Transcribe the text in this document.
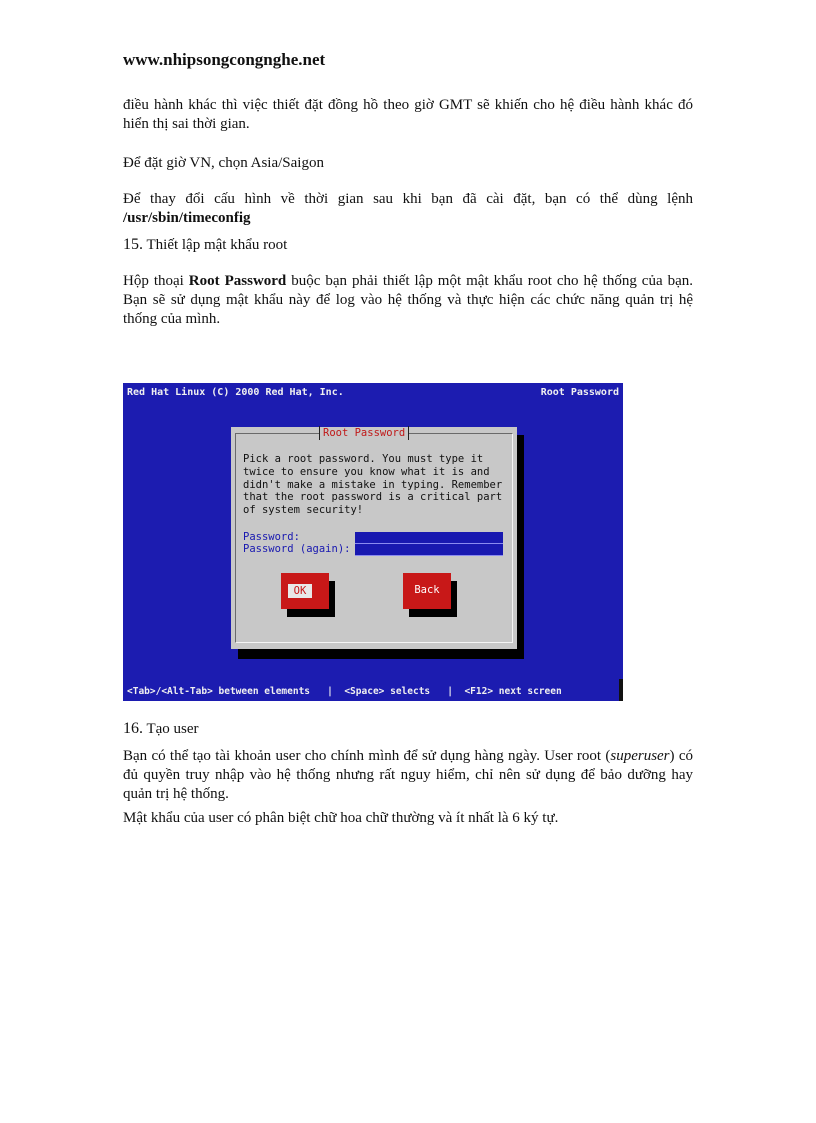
www.nhipsongcongnghe.net

điều hành khác thì việc thiết đặt đồng hồ theo giờ GMT sẽ khiến cho hệ điều hành khác đó hiển thị sai thời gian.

Để đặt giờ VN, chọn Asia/Saigon

Để thay đổi cấu hình về thời gian sau khi bạn đã cài đặt, bạn có thể dùng lệnh
/usr/sbin/timeconfig

15. Thiết lập mật khẩu root

Hộp thoại Root Password buộc bạn phải thiết lập một mật khẩu root cho hệ thống của bạn. Bạn sẽ sử dụng mật khẩu này để log vào hệ thống và thực hiện các chức năng quản trị hệ thống của mình.

Red Hat Linux (C) 2000 Red Hat, Inc.	Root Password
Root Password
Pick a root password. You must type it
twice to ensure you know what it is and
didn't make a mistake in typing. Remember
that the root password is a critical part
of system security!
Password:
Password (again):
OK	Back
<Tab>/<Alt-Tab> between elements   |  <Space> selects   |  <F12> next screen

16. Tạo user

Bạn có thể tạo tài khoản user cho chính mình để sử dụng hàng ngày. User root (superuser) có đủ quyền truy nhập vào hệ thống nhưng rất nguy hiểm, chỉ nên sử dụng để bảo dưỡng hay quản trị hệ thống.

Mật khẩu của user có phân biệt chữ hoa chữ thường và ít nhất là 6 ký tự.
